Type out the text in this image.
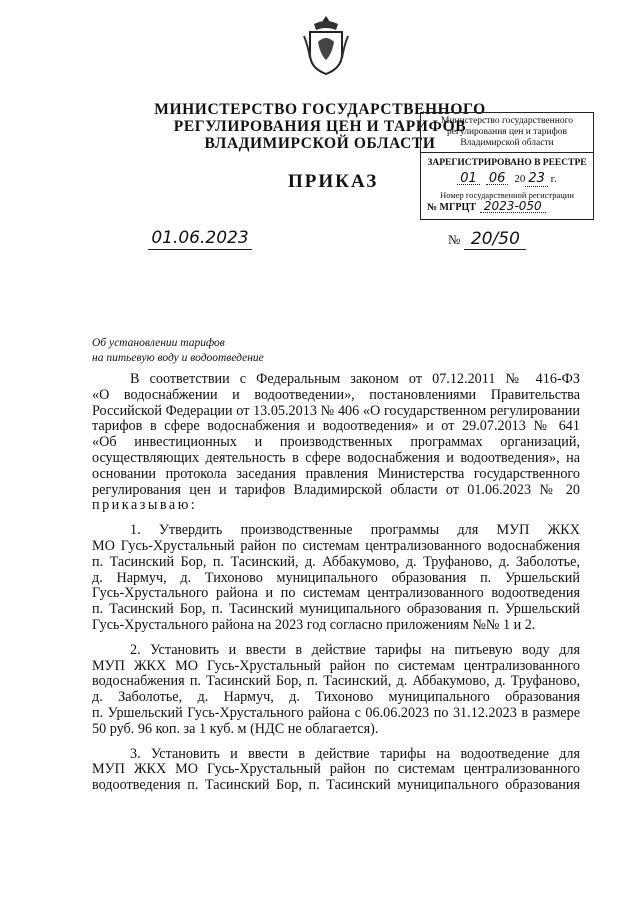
МИНИСТЕРСТВО ГОСУДАРСТВЕННОГО
РЕГУЛИРОВАНИЯ ЦЕН И ТАРИФОВ
ВЛАДИМИРСКОЙ ОБЛАСТИ
Министерство государственного
регулирования цен и тарифов
Владимирской области
ЗАРЕГИСТРИРОВАНО В РЕЕСТРЕ
01 06 20 23 г.
Номер государственной регистрации
№ МГРЦТ 2023-050
ПРИКАЗ
01.06.2023	№ 20/50
Об установлении тарифов
на питьевую воду и водоотведение
В соответствии с Федеральным законом от 07.12.2011 № 416-ФЗ
«О водоснабжении и водоотведении», постановлениями Правительства
Российской Федерации от 13.05.2013 № 406 «О государственном регулировании
тарифов в сфере водоснабжения и водоотведения» и от 29.07.2013 № 641
«Об инвестиционных и производственных программах организаций,
осуществляющих деятельность в сфере водоснабжения и водоотведения», на
основании протокола заседания правления Министерства государственного
регулирования цен и тарифов Владимирской области от 01.06.2023 № 20
приказываю:
1. Утвердить производственные программы для МУП ЖКХ
МО Гусь-Хрустальный район по системам централизованного водоснабжения
п. Тасинский Бор, п. Тасинский, д. Аббакумово, д. Труфаново, д. Заболотье,
д. Нармуч, д. Тихоново муниципального образования п. Уршельский
Гусь-Хрустального района и по системам централизованного водоотведения
п. Тасинский Бор, п. Тасинский муниципального образования п. Уршельский
Гусь-Хрустального района на 2023 год согласно приложениям №№ 1 и 2.
2. Установить и ввести в действие тарифы на питьевую воду для
МУП ЖКХ МО Гусь-Хрустальный район по системам централизованного
водоснабжения п. Тасинский Бор, п. Тасинский, д. Аббакумово, д. Труфаново,
д. Заболотье, д. Нармуч, д. Тихоново муниципального образования
п. Уршельский Гусь-Хрустального района с 06.06.2023 по 31.12.2023 в размере
50 руб. 96 коп. за 1 куб. м (НДС не облагается).
3. Установить и ввести в действие тарифы на водоотведение для
МУП ЖКХ МО Гусь-Хрустальный район по системам централизованного
водоотведения п. Тасинский Бор, п. Тасинский муниципального образования
